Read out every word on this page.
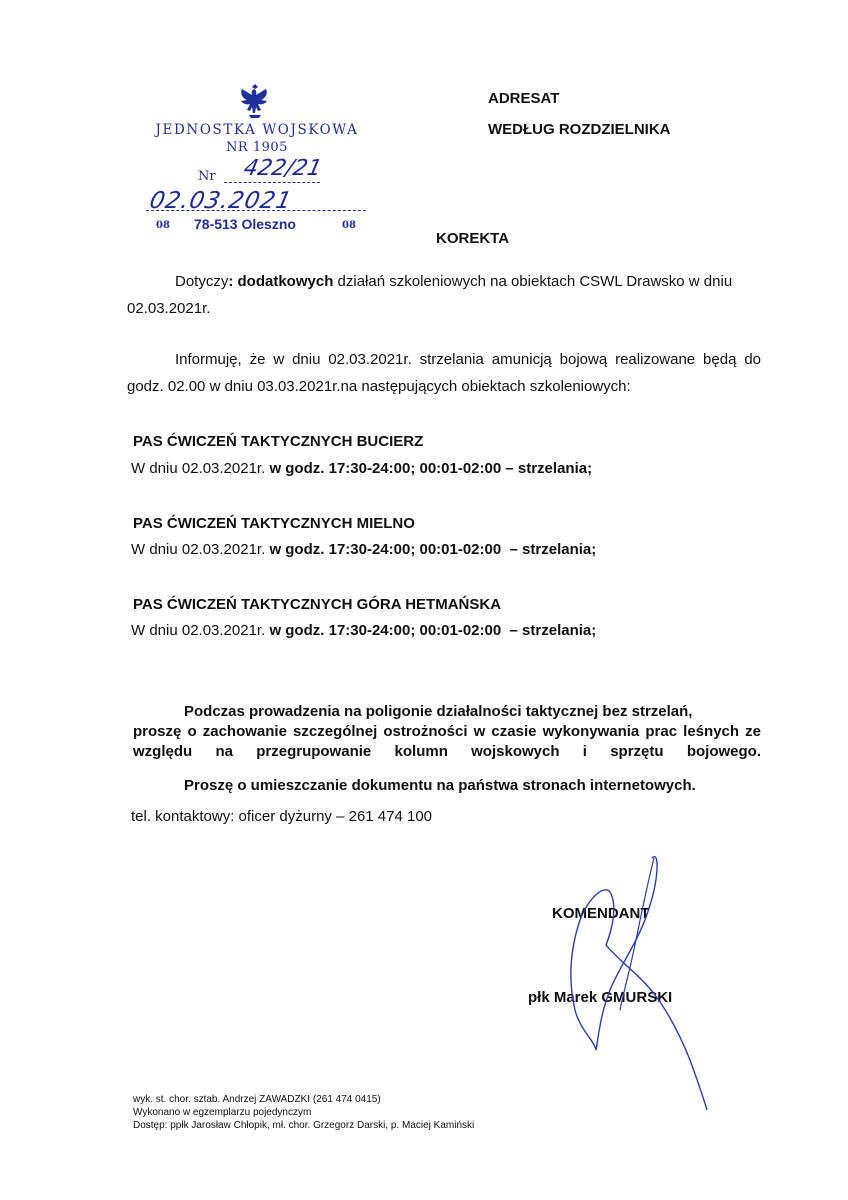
JEDNOSTKA WOJSKOWA
NR 1905
Nr 422/21
02.03.2021
08 78-513 Oleszno	08
ADRESAT
WEDŁUG ROZDZIELNIKA
KOREKTA
Dotyczy: dodatkowych działań szkoleniowych na obiektach CSWL Drawsko w dniu
02.03.2021r.
Informuję, że w dniu 02.03.2021r. strzelania amunicją bojową realizowane będą do
godz. 02.00 w dniu 03.03.2021r.na następujących obiektach szkoleniowych:
PAS ĆWICZEŃ TAKTYCZNYCH BUCIERZ
W dniu 02.03.2021r. w godz. 17:30-24:00; 00:01-02:00 – strzelania;
PAS ĆWICZEŃ TAKTYCZNYCH MIELNO
W dniu 02.03.2021r. w godz. 17:30-24:00; 00:01-02:00  – strzelania;
PAS ĆWICZEŃ TAKTYCZNYCH GÓRA HETMAŃSKA
W dniu 02.03.2021r. w godz. 17:30-24:00; 00:01-02:00  – strzelania;
Podczas prowadzenia na poligonie działalności taktycznej bez strzelań,
proszę o zachowanie szczególnej ostrożności w czasie wykonywania prac leśnych ze
względu na przegrupowanie kolumn wojskowych i sprzętu bojowego.
Proszę o umieszczanie dokumentu na państwa stronach internetowych.
tel. kontaktowy: oficer dyżurny – 261 474 100
KOMENDANT
płk Marek GMURSKI
wyk. st. chor. sztab. Andrzej ZAWADZKI (261 474 0415)
Wykonano w egzemplarzu pojedynczym
Dostęp: ppłk Jarosław Chłopik, mł. chor. Grzegorz Darski, p. Maciej Kamiński
